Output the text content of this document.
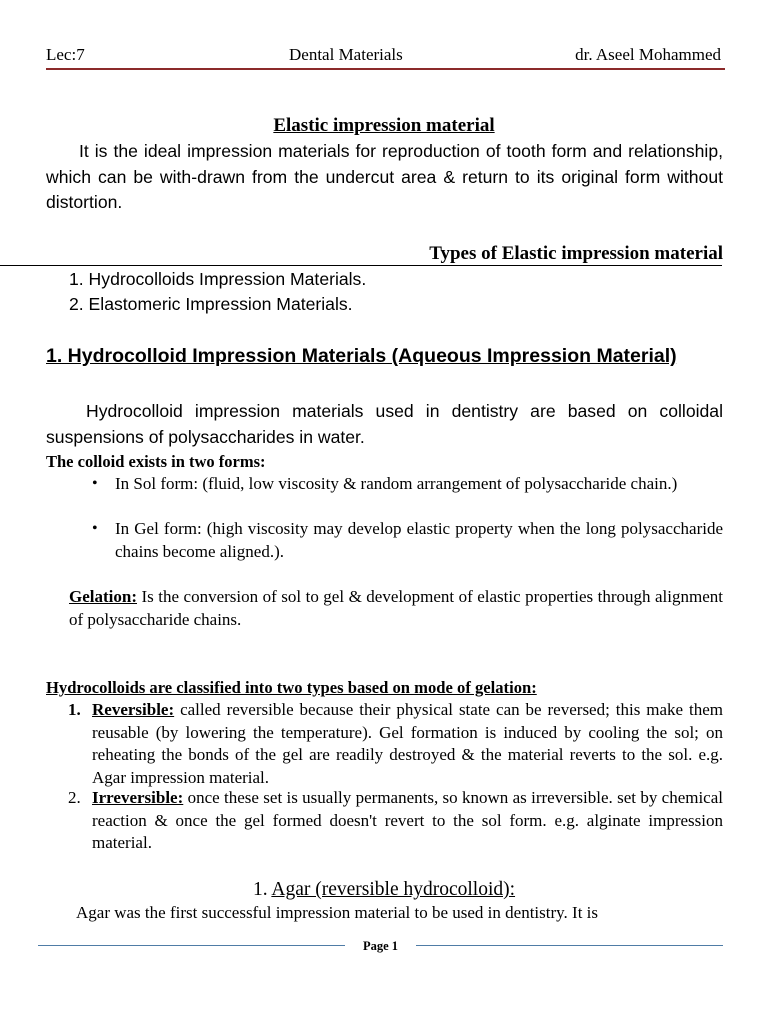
Lec:7	Dental Materials	dr. Aseel Mohammed
Elastic impression material
It is the ideal impression materials for reproduction of tooth form and relationship, which can be with-drawn from the undercut area & return to its original form without distortion.
Types of Elastic impression material
1. Hydrocolloids Impression Materials.
2. Elastomeric Impression Materials.
1. Hydrocolloid Impression Materials (Aqueous Impression Material)
Hydrocolloid impression materials used in dentistry are based on colloidal suspensions of polysaccharides in water.
The colloid exists in two forms:
• In Sol form: (fluid, low viscosity & random arrangement of polysaccharide chain.)
• In Gel form: (high viscosity may develop elastic property when the long polysaccharide chains become aligned.).
Gelation: Is the conversion of sol to gel & development of elastic properties through alignment of polysaccharide chains.
Hydrocolloids are classified into two types based on mode of gelation:
1. Reversible: called reversible because their physical state can be reversed; this make them reusable (by lowering the temperature). Gel formation is induced by cooling the sol; on reheating the bonds of the gel are readily destroyed & the material reverts to the sol. e.g. Agar impression material.
2. Irreversible: once these set is usually permanents, so known as irreversible. set by chemical reaction & once the gel formed doesn't revert to the sol form. e.g. alginate impression material.
1. Agar (reversible hydrocolloid):
Agar was the first successful impression material to be used in dentistry. It is
Page 1
